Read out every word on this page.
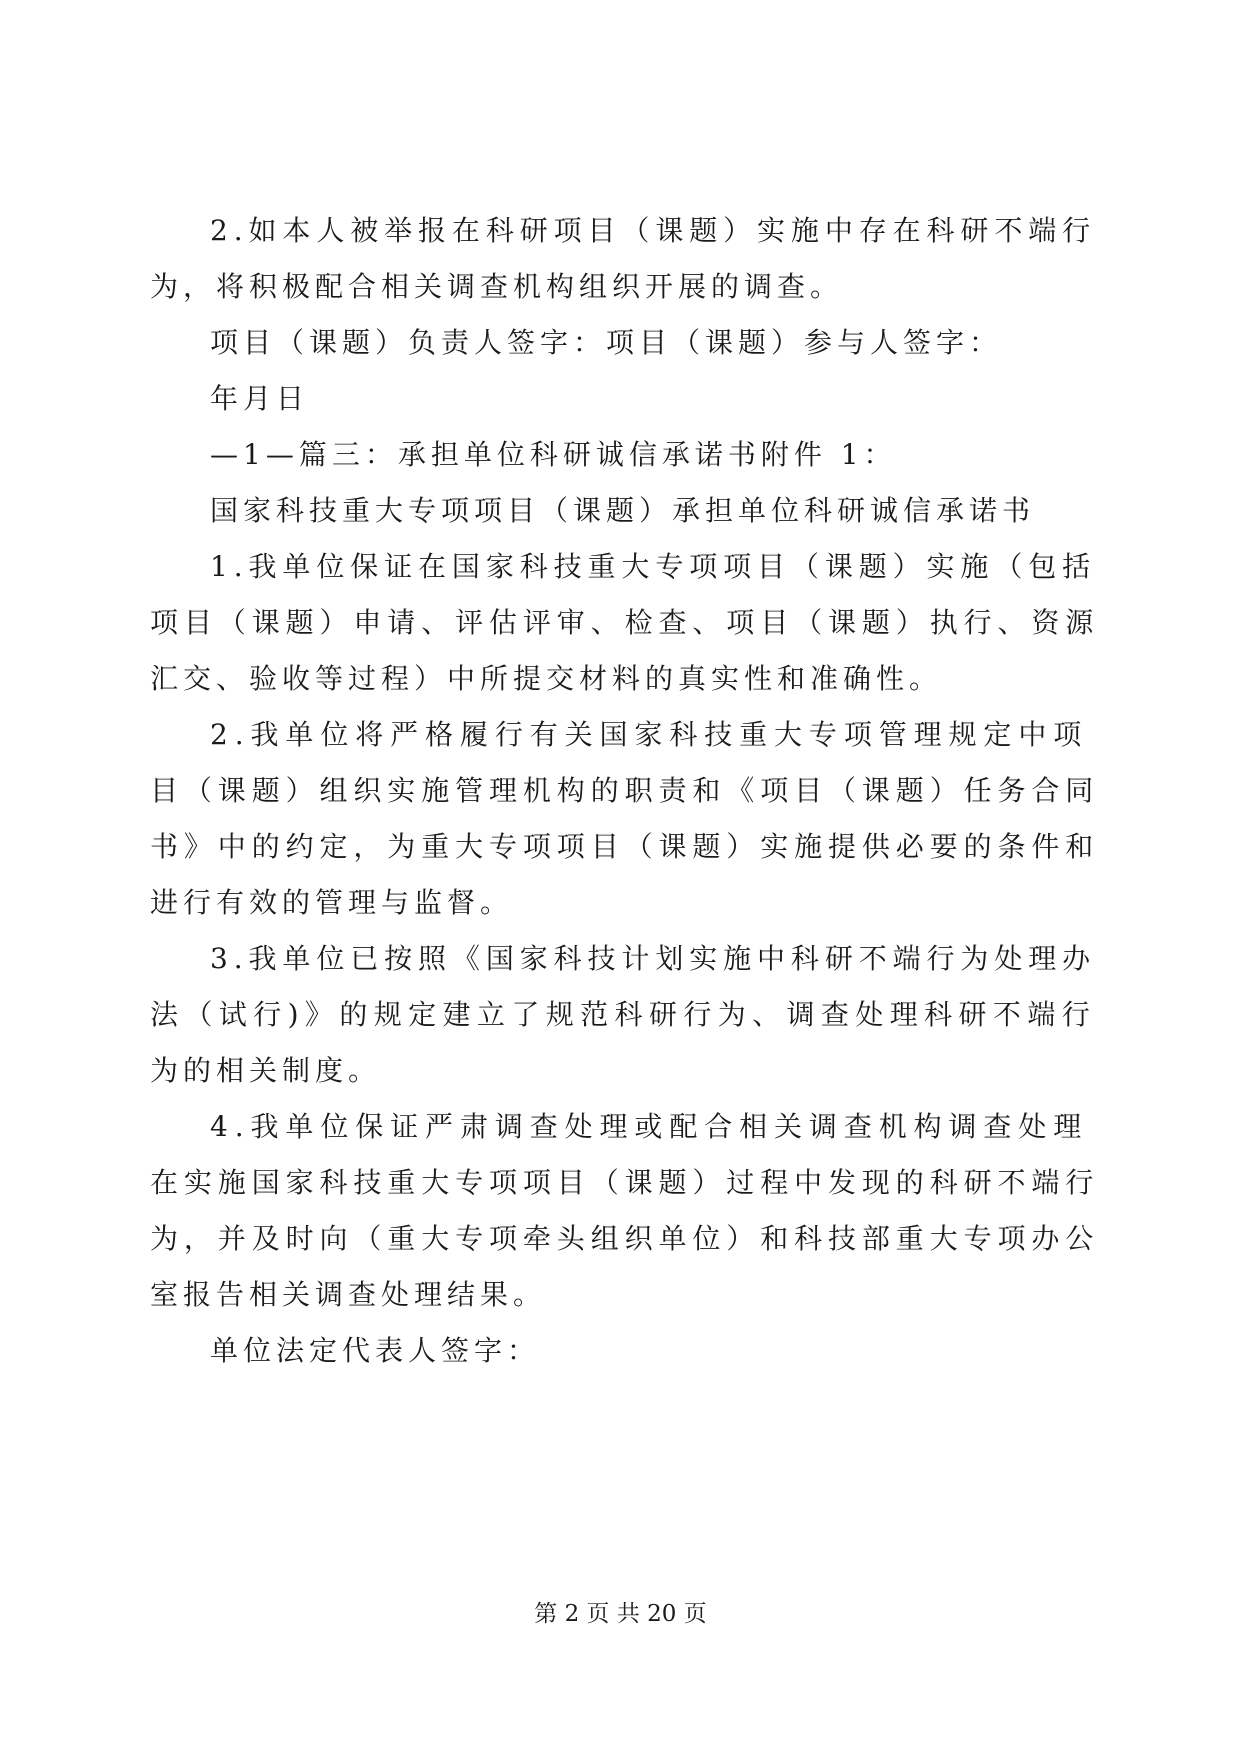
2.如本人被举报在科研项目（课题）实施中存在科研不端行
为，将积极配合相关调查机构组织开展的调查。
项目（课题）负责人签字：项目（课题）参与人签字：
年月日
—1—篇三：承担单位科研诚信承诺书附件 1：
国家科技重大专项项目（课题）承担单位科研诚信承诺书
1.我单位保证在国家科技重大专项项目（课题）实施（包括
项目（课题）申请、评估评审、检查、项目（课题）执行、资源
汇交、验收等过程）中所提交材料的真实性和准确性。
2.我单位将严格履行有关国家科技重大专项管理规定中项
目（课题）组织实施管理机构的职责和《项目（课题）任务合同
书》中的约定，为重大专项项目（课题）实施提供必要的条件和
进行有效的管理与监督。
3.我单位已按照《国家科技计划实施中科研不端行为处理办
法（试行)》的规定建立了规范科研行为、调查处理科研不端行
为的相关制度。
4.我单位保证严肃调查处理或配合相关调查机构调查处理
在实施国家科技重大专项项目（课题）过程中发现的科研不端行
为，并及时向（重大专项牵头组织单位）和科技部重大专项办公
室报告相关调查处理结果。
单位法定代表人签字：
第 2 页 共 20 页
